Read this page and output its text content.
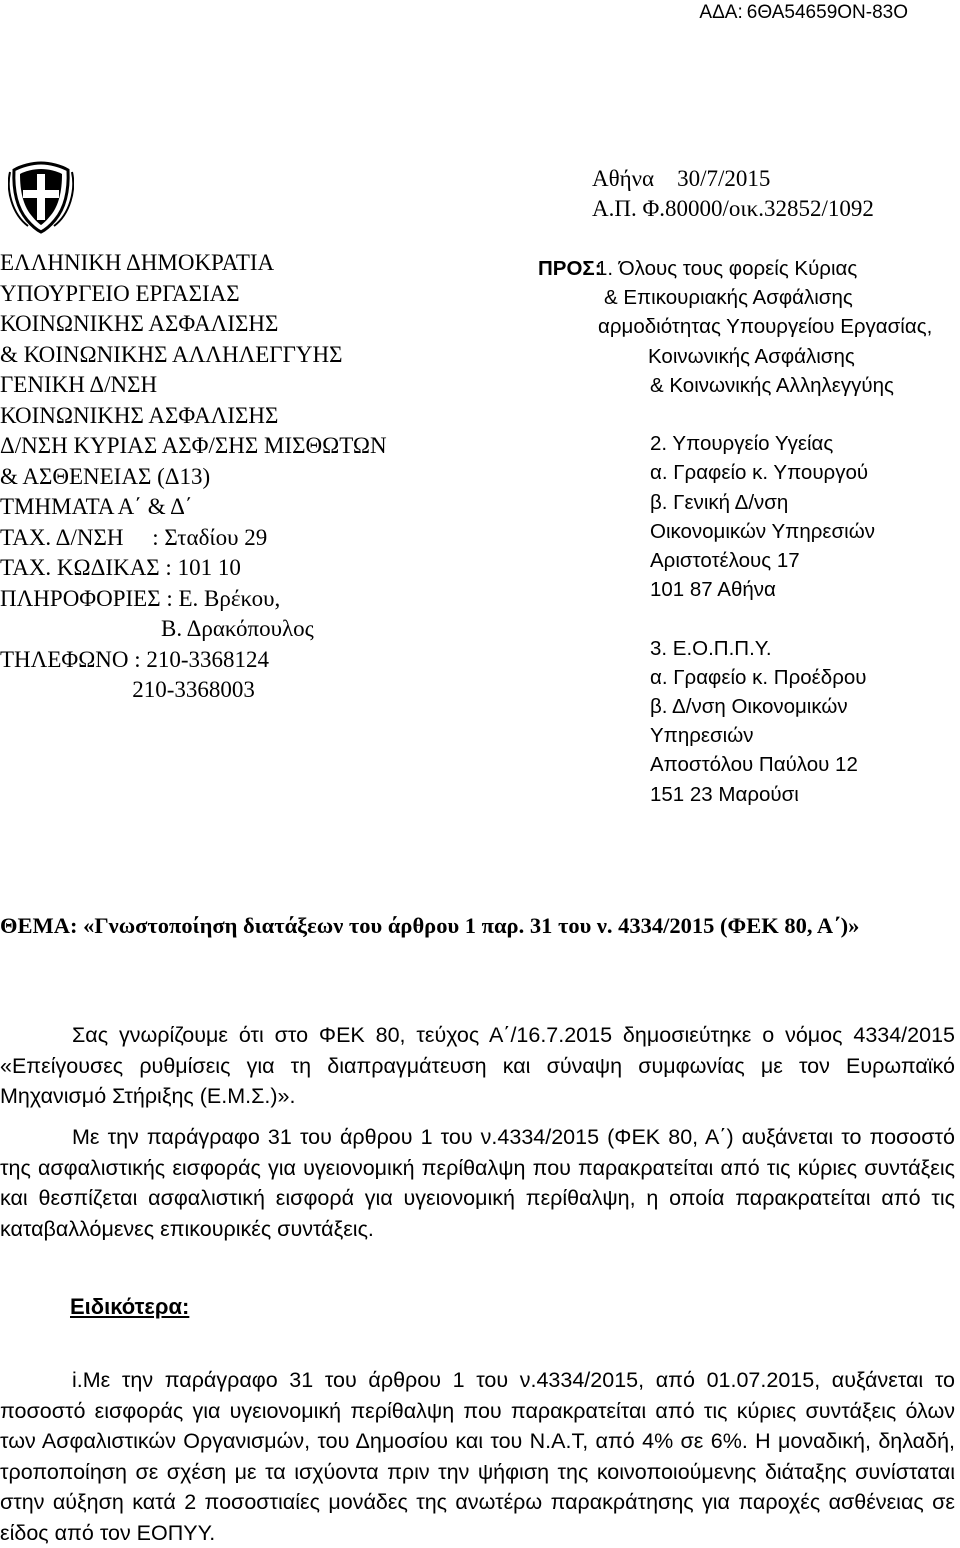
ΑΔΑ: 6ΘΑ54659ΟΝ-83Ο
ΕΛΛΗΝΙΚΗ ΔΗΜΟΚΡΑΤΙΑ
ΥΠΟΥΡΓΕΙΟ ΕΡΓΑΣΙΑΣ
ΚΟΙΝΩΝΙΚΗΣ ΑΣΦΑΛΙΣΗΣ
& ΚΟΙΝΩΝΙΚΗΣ ΑΛΛΗΛΕΓΓΥΗΣ
ΓΕΝΙΚΗ Δ/ΝΣΗ
ΚΟΙΝΩΝΙΚΗΣ ΑΣΦΑΛΙΣΗΣ
Δ/ΝΣΗ ΚΥΡΙΑΣ ΑΣΦ/ΣΗΣ ΜΙΣΘΩΤΩΝ
& ΑΣΘΕΝΕΙΑΣ (Δ13)
ΤΜΗΜΑΤΑ Α΄ & Δ΄
ΤΑΧ. Δ/ΝΣΗ     : Σταδίου 29
ΤΑΧ. ΚΩΔΙΚΑΣ : 101 10
ΠΛΗΡΟΦΟΡΙΕΣ : Ε. Βρέκου,
Β. Δρακόπουλος
ΤΗΛΕΦΩΝΟ : 210-3368124
210-3368003
Αθήνα    30/7/2015
Α.Π. Φ.80000/οικ.32852/1092
ΠΡΟΣ:
1. Όλους τους φορείς Κύριας
& Επικουριακής Ασφάλισης
αρμοδιότητας Υπουργείου Εργασίας,
Κοινωνικής Ασφάλισης
& Κοινωνικής Αλληλεγγύης
2. Υπουργείο Υγείας
α. Γραφείο κ. Υπουργού
β. Γενική Δ/νση
Οικονομικών Υπηρεσιών
Αριστοτέλους 17
101 87 Αθήνα
3. Ε.Ο.Π.Π.Υ.
α. Γραφείο κ. Προέδρου
β. Δ/νση Οικονομικών
Υπηρεσιών
Αποστόλου Παύλου 12
151 23 Μαρούσι
ΘΕΜΑ: «Γνωστοποίηση διατάξεων του άρθρου 1 παρ. 31 του ν. 4334/2015 (ΦΕΚ 80, Α΄)»
Σας γνωρίζουμε ότι στο ΦΕΚ 80, τεύχος Α΄/16.7.2015 δημοσιεύτηκε ο νόμος 4334/2015 «Επείγουσες ρυθμίσεις για τη διαπραγμάτευση και σύναψη συμφωνίας με τον Ευρωπαϊκό Μηχανισμό Στήριξης (Ε.Μ.Σ.)».
Με την παράγραφο 31 του άρθρου 1 του ν.4334/2015 (ΦΕΚ 80, Α΄) αυξάνεται το ποσοστό της ασφαλιστικής εισφοράς για υγειονομική περίθαλψη που παρακρατείται από τις κύριες συντάξεις και θεσπίζεται ασφαλιστική εισφορά για υγειονομική περίθαλψη, η οποία παρακρατείται από τις καταβαλλόμενες επικουρικές συντάξεις.
Ειδικότερα:
i.Με την παράγραφο 31 του άρθρου 1 του ν.4334/2015, από 01.07.2015, αυξάνεται το ποσοστό εισφοράς για υγειονομική περίθαλψη που παρακρατείται από τις κύριες συντάξεις όλων των Ασφαλιστικών Οργανισμών, του Δημοσίου και του Ν.Α.Τ, από 4% σε 6%. Η μοναδική, δηλαδή, τροποποίηση σε σχέση με τα ισχύοντα πριν την ψήφιση της κοινοποιούμενης διάταξης συνίσταται στην αύξηση κατά 2 ποσοστιαίες μονάδες της ανωτέρω παρακράτησης για παροχές ασθένειας σε είδος από τον ΕΟΠΥΥ.
